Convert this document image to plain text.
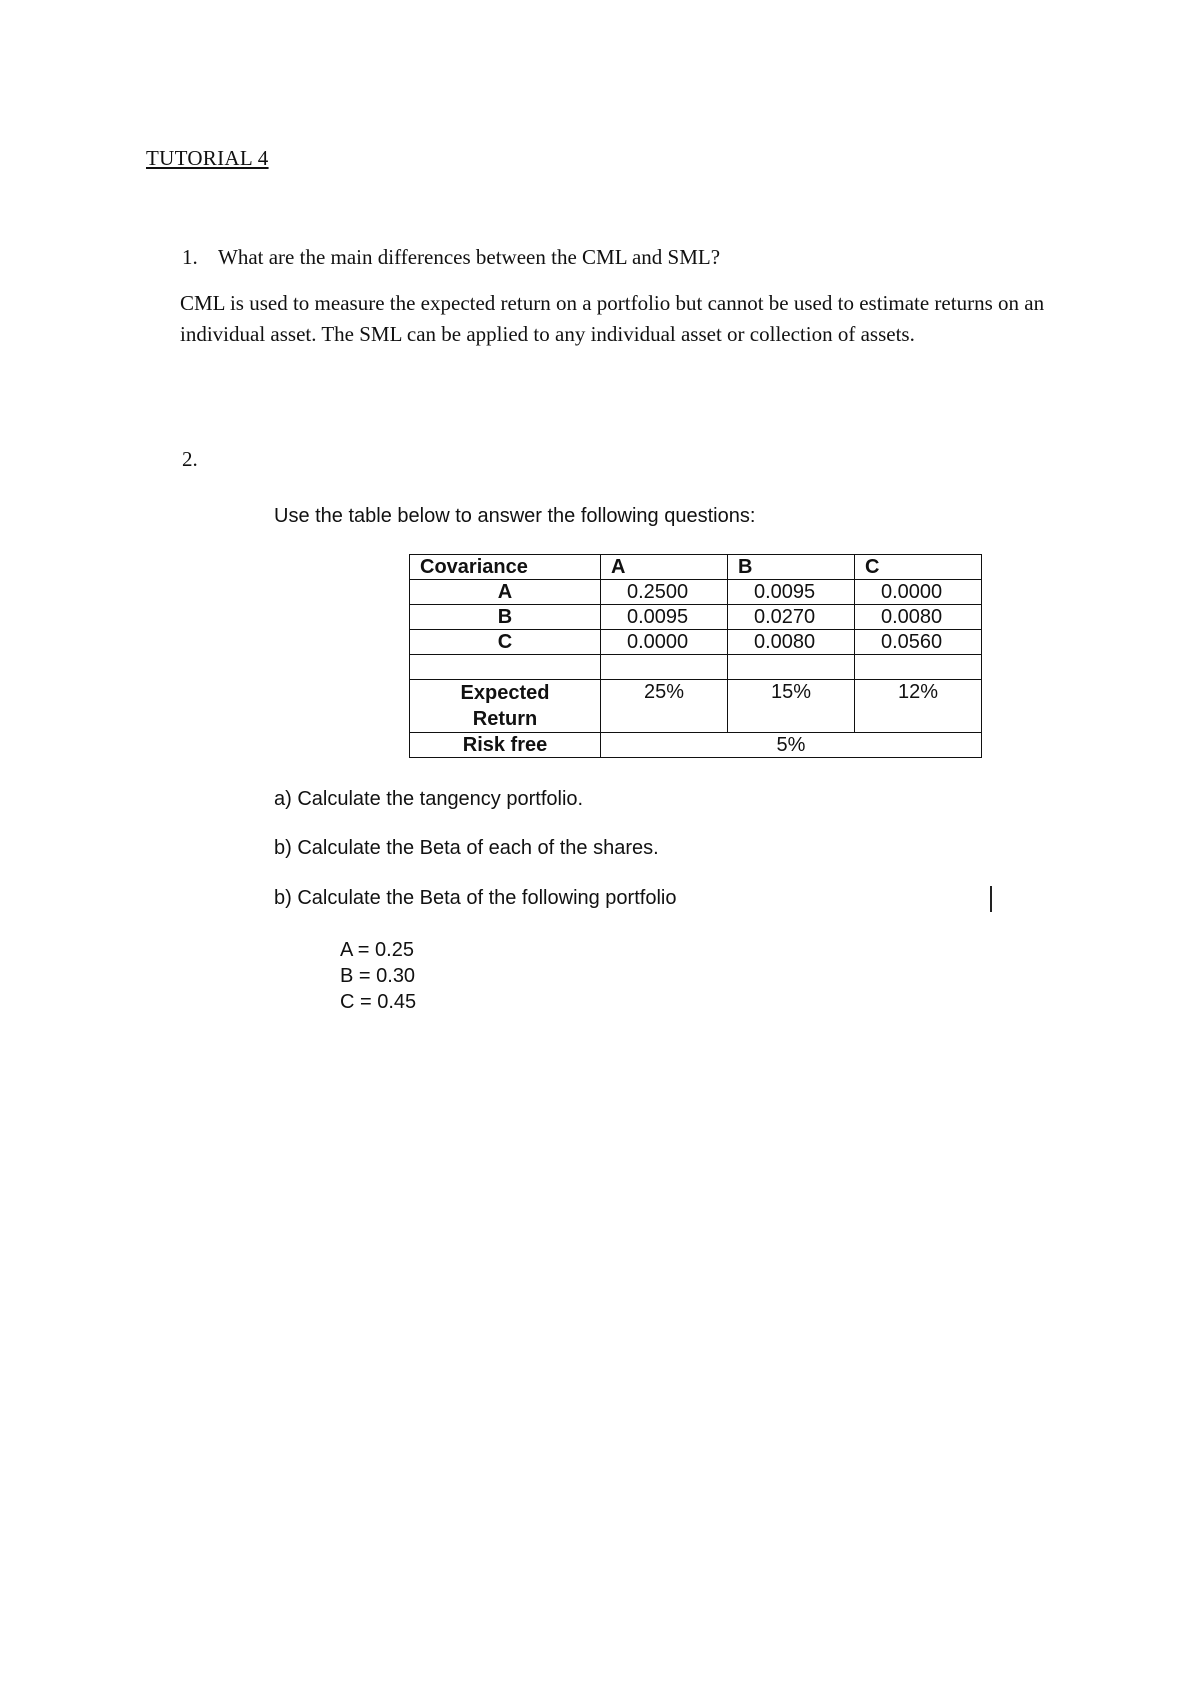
TUTORIAL 4
1. What are the main differences between the CML and SML?
CML is used to measure the expected return on a portfolio but cannot be used to estimate returns on an individual asset. The SML can be applied to any individual asset or collection of assets.
2.
Use the table below to answer the following questions:
Covariance	A	B	C
A	0.2500	0.0095	0.0000
B	0.0095	0.0270	0.0080
C	0.0000	0.0080	0.0560

Expected
Return	25%	15%	12%
Risk free	5%		
a) Calculate the tangency portfolio.
b) Calculate the Beta of each of the shares.
b) Calculate the Beta of the following portfolio
A = 0.25
B = 0.30
C = 0.45
